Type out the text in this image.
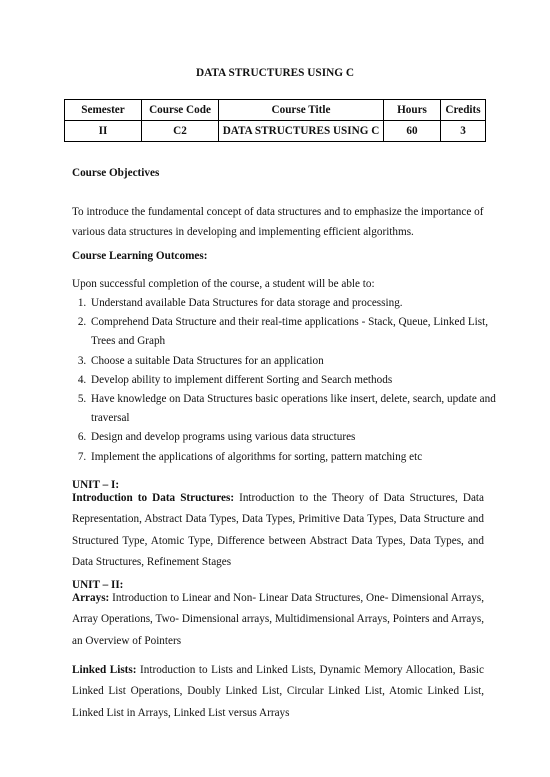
DATA STRUCTURES USING C
Semester	Course Code	Course Title	Hours	Credits
II	C2	DATA STRUCTURES USING C	60	3
Course Objectives
To introduce the fundamental concept of data structures and to emphasize the importance of various data structures in developing and implementing efficient algorithms.
Course Learning Outcomes:
Upon successful completion of the course, a student will be able to:
1. Understand available Data Structures for data storage and processing.
2. Comprehend Data Structure and their real-time applications - Stack, Queue, Linked List, Trees and Graph
3. Choose a suitable Data Structures for an application
4. Develop ability to implement different Sorting and Search methods
5. Have knowledge on Data Structures basic operations like insert, delete, search, update and traversal
6. Design and develop programs using various data structures
7. Implement the applications of algorithms for sorting, pattern matching etc
UNIT – I:
Introduction to Data Structures: Introduction to the Theory of Data Structures, Data Representation, Abstract Data Types, Data Types, Primitive Data Types, Data Structure and Structured Type, Atomic Type, Difference between Abstract Data Types, Data Types, and Data Structures, Refinement Stages
UNIT – II:
Arrays: Introduction to Linear and Non- Linear Data Structures, One- Dimensional Arrays, Array Operations, Two- Dimensional arrays, Multidimensional Arrays, Pointers and Arrays, an Overview of Pointers
Linked Lists: Introduction to Lists and Linked Lists, Dynamic Memory Allocation, Basic Linked List Operations, Doubly Linked List, Circular Linked List, Atomic Linked List, Linked List in Arrays, Linked List versus Arrays
